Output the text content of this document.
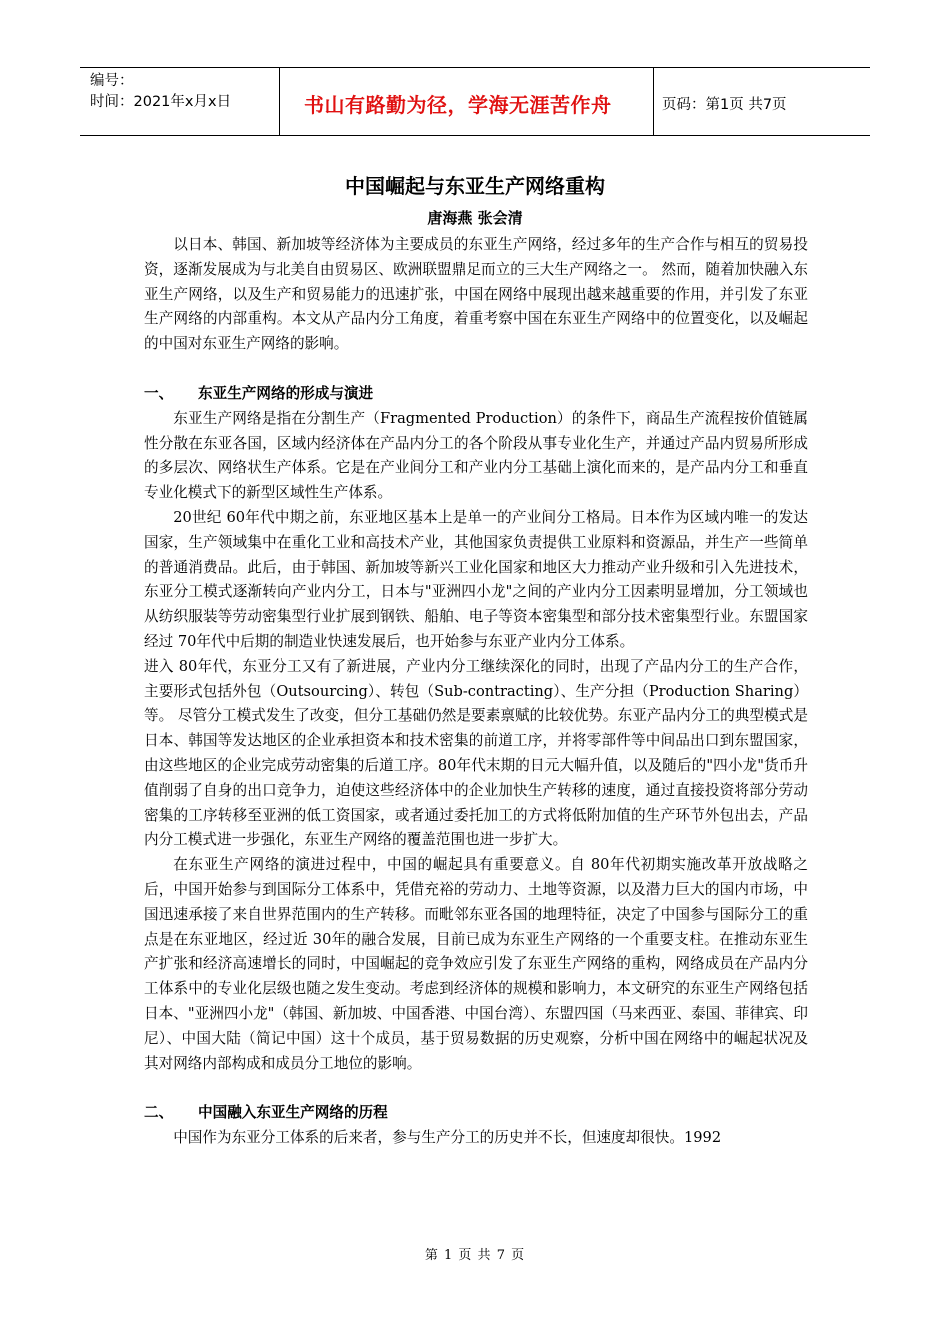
编号：
时间：2021年x月x日	书山有路勤为径，学海无涯苦作舟	页码：第1页 共7页
中国崛起与东亚生产网络重构
唐海燕 张会清

以日本、韩国、新加坡等经济体为主要成员的东亚生产网络，经过多年的生产合作与相互的贸易投资，逐渐发展成为与北美自由贸易区、欧洲联盟鼎足而立的三大生产网络之一。 然而，随着加快融入东亚生产网络，以及生产和贸易能力的迅速扩张，中国在网络中展现出越来越重要的作用，并引发了东亚生产网络的内部重构。本文从产品内分工角度，着重考察中国在东亚生产网络中的位置变化，以及崛起的中国对东亚生产网络的影响。

一、	东亚生产网络的形成与演进

东亚生产网络是指在分割生产（Fragmented Production）的条件下，商品生产流程按价值链属性分散在东亚各国，区域内经济体在产品内分工的各个阶段从事专业化生产，并通过产品内贸易所形成的多层次、网络状生产体系。它是在产业间分工和产业内分工基础上演化而来的，是产品内分工和垂直专业化模式下的新型区域性生产体系。

20世纪 60年代中期之前，东亚地区基本上是单一的产业间分工格局。日本作为区域内唯一的发达国家，生产领域集中在重化工业和高技术产业，其他国家负责提供工业原料和资源品，并生产一些简单的普通消费品。此后，由于韩国、新加坡等新兴工业化国家和地区大力推动产业升级和引入先进技术，东亚分工模式逐渐转向产业内分工，日本与"亚洲四小龙"之间的产业内分工因素明显增加，分工领域也从纺织服装等劳动密集型行业扩展到钢铁、船舶、电子等资本密集型和部分技术密集型行业。东盟国家经过 70年代中后期的制造业快速发展后，也开始参与东亚产业内分工体系。

进入 80年代，东亚分工又有了新进展，产业内分工继续深化的同时，出现了产品内分工的生产合作，主要形式包括外包（Outsourcing）、转包（Sub-contracting）、生产分担（Production Sharing）等。 尽管分工模式发生了改变，但分工基础仍然是要素禀赋的比较优势。东亚产品内分工的典型模式是日本、韩国等发达地区的企业承担资本和技术密集的前道工序，并将零部件等中间品出口到东盟国家，由这些地区的企业完成劳动密集的后道工序。80年代末期的日元大幅升值，以及随后的"四小龙"货币升值削弱了自身的出口竞争力，迫使这些经济体中的企业加快生产转移的速度，通过直接投资将部分劳动密集的工序转移至亚洲的低工资国家，或者通过委托加工的方式将低附加值的生产环节外包出去，产品内分工模式进一步强化，东亚生产网络的覆盖范围也进一步扩大。

在东亚生产网络的演进过程中，中国的崛起具有重要意义。自 80年代初期实施改革开放战略之后，中国开始参与到国际分工体系中，凭借充裕的劳动力、土地等资源，以及潜力巨大的国内市场，中国迅速承接了来自世界范围内的生产转移。而毗邻东亚各国的地理特征，决定了中国参与国际分工的重点是在东亚地区，经过近 30年的融合发展，目前已成为东亚生产网络的一个重要支柱。在推动东亚生产扩张和经济高速增长的同时，中国崛起的竞争效应引发了东亚生产网络的重构，网络成员在产品内分工体系中的专业化层级也随之发生变动。考虑到经济体的规模和影响力，本文研究的东亚生产网络包括日本、"亚洲四小龙"（韩国、新加坡、中国香港、中国台湾）、东盟四国（马来西亚、泰国、菲律宾、印尼）、中国大陆（简记中国）这十个成员，基于贸易数据的历史观察，分析中国在网络中的崛起状况及其对网络内部构成和成员分工地位的影响。

二、	中国融入东亚生产网络的历程

中国作为东亚分工体系的后来者，参与生产分工的历史并不长，但速度却很快。1992

第 1 页 共 7 页
